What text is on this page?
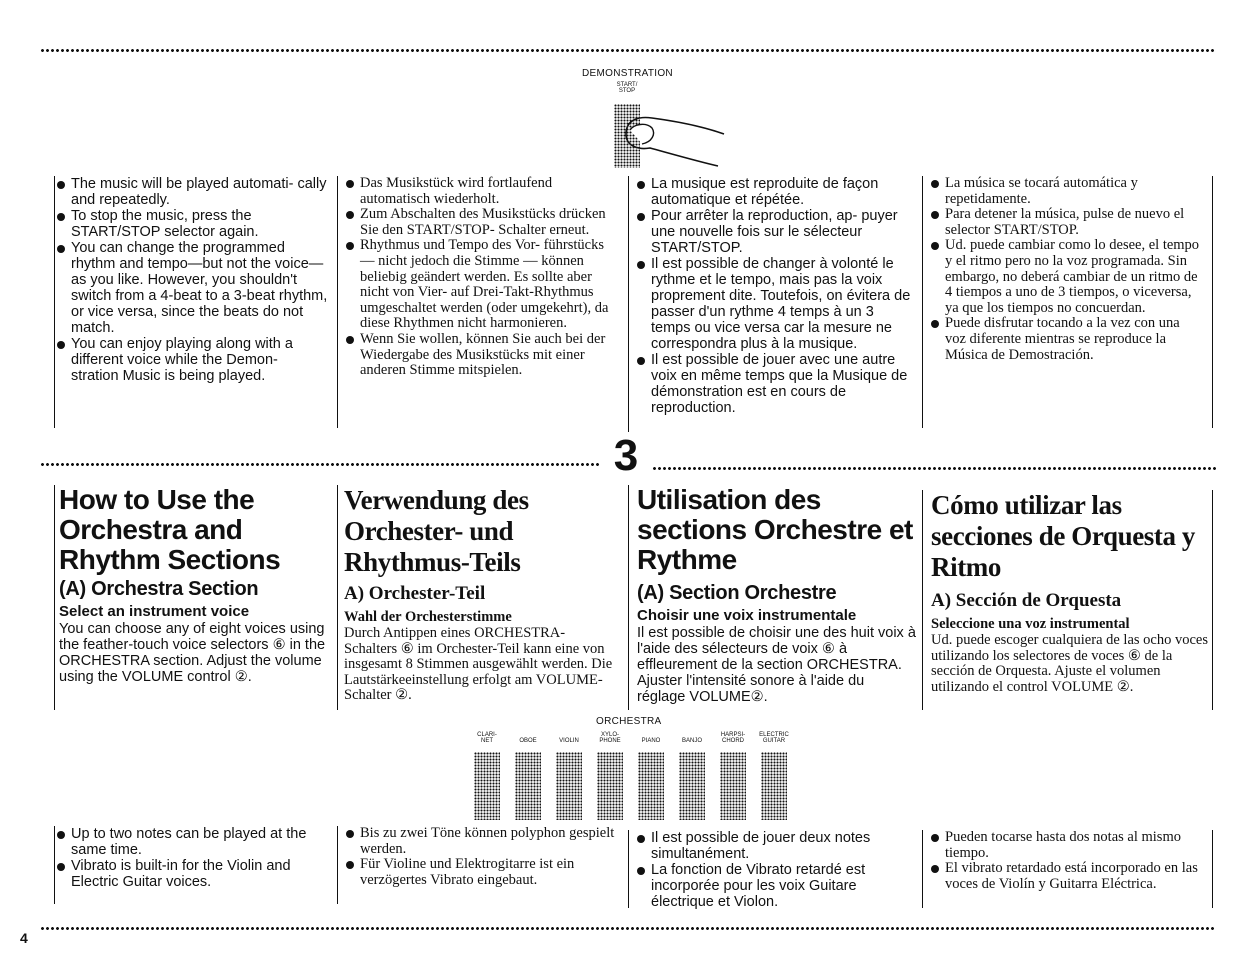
DEMONSTRATION
START/
STOP
The music will be played automati- cally and repeatedly.
To stop the music, press the START/STOP selector again.
You can change the programmed rhythm and tempo—but not the voice—as you like. However, you shouldn't switch from a 4-beat to a 3-beat rhythm, or vice versa, since the beats do not match.
You can enjoy playing along with a different voice while the Demon- stration Music is being played.
Das Musikstück wird fortlaufend automatisch wiederholt.
Zum Abschalten des Musikstücks drücken Sie den START/STOP- Schalter erneut.
Rhythmus und Tempo des Vor- führstücks — nicht jedoch die Stimme — können beliebig geändert werden. Es sollte aber nicht von Vier- auf Drei-Takt-Rhythmus umgeschaltet werden (oder umgekehrt), da diese Rhythmen nicht harmonieren.
Wenn Sie wollen, können Sie auch bei der Wiedergabe des Musikstücks mit einer anderen Stimme mitspielen.
La musique est reproduite de façon automatique et répétée.
Pour arrêter la reproduction, ap- puyer une nouvelle fois sur le sélecteur START/STOP.
Il est possible de changer à volonté le rythme et le tempo, mais pas la voix proprement dite. Toutefois, on évitera de passer d'un rythme 4 temps à un 3 temps ou vice versa car la mesure ne correspondra plus à la musique.
Il est possible de jouer avec une autre voix en même temps que la Musique de démonstration est en cours de reproduction.
La música se tocará automática y repetidamente.
Para detener la música, pulse de nuevo el selector START/STOP.
Ud. puede cambiar como lo desee, el tempo y el ritmo pero no la voz programada. Sin embargo, no deberá cambiar de un ritmo de 4 tiempos a uno de 3 tiempos, o viceversa, ya que los tiempos no concuerdan.
Puede disfrutar tocando a la vez con una voz diferente mientras se reproduce la Música de Demostración.
3
How to Use the Orchestra and Rhythm Sections
(A) Orchestra Section
Select an instrument voice

You can choose any of eight voices using the feather-touch voice selectors ⑥ in the ORCHESTRA section. Adjust the volume using the VOLUME control ②.

Verwendung des Orchester- und Rhythmus-Teils
A) Orchester-Teil
Wahl der Orchesterstimme

Durch Antippen eines ORCHESTRA- Schalters ⑥ im Orchester-Teil kann eine von insgesamt 8 Stimmen ausgewählt werden. Die Lautstärkeeinstellung erfolgt am VOLUME-Schalter ②.

Utilisation des sections Orchestre et Rythme
(A) Section Orchestre
Choisir une voix instrumentale

Il est possible de choisir une des huit voix à l'aide des sélecteurs de voix ⑥ à effleurement de la section ORCHESTRA. Ajuster l'intensité sonore à l'aide du réglage VOLUME②.

Cómo utilizar las secciones de Orquesta y Ritmo
A) Sección de Orquesta
Seleccione una voz instrumental

Ud. puede escoger cualquiera de las ocho voces utilizando los selectores de voces ⑥ de la sección de Orquesta. Ajuste el volumen utilizando el control VOLUME ②.

ORCHESTRA
CLARI-
NET	OBOE	VIOLIN
XYLO-
PHONE	PIANO	BANJO
HARPSI-
CHORD
ELECTRIC
GUITAR
Up to two notes can be played at the same time.
Vibrato is built-in for the Violin and Electric Guitar voices.
Bis zu zwei Töne können polyphon gespielt werden.
Für Violine und Elektrogitarre ist ein verzögertes Vibrato eingebaut.
Il est possible de jouer deux notes simultanément.
La fonction de Vibrato retardé est incorporée pour les voix Guitare électrique et Violon.
Pueden tocarse hasta dos notas al mismo tiempo.
El vibrato retardado está incorporado en las voces de Violín y Guitarra Eléctrica.
4
